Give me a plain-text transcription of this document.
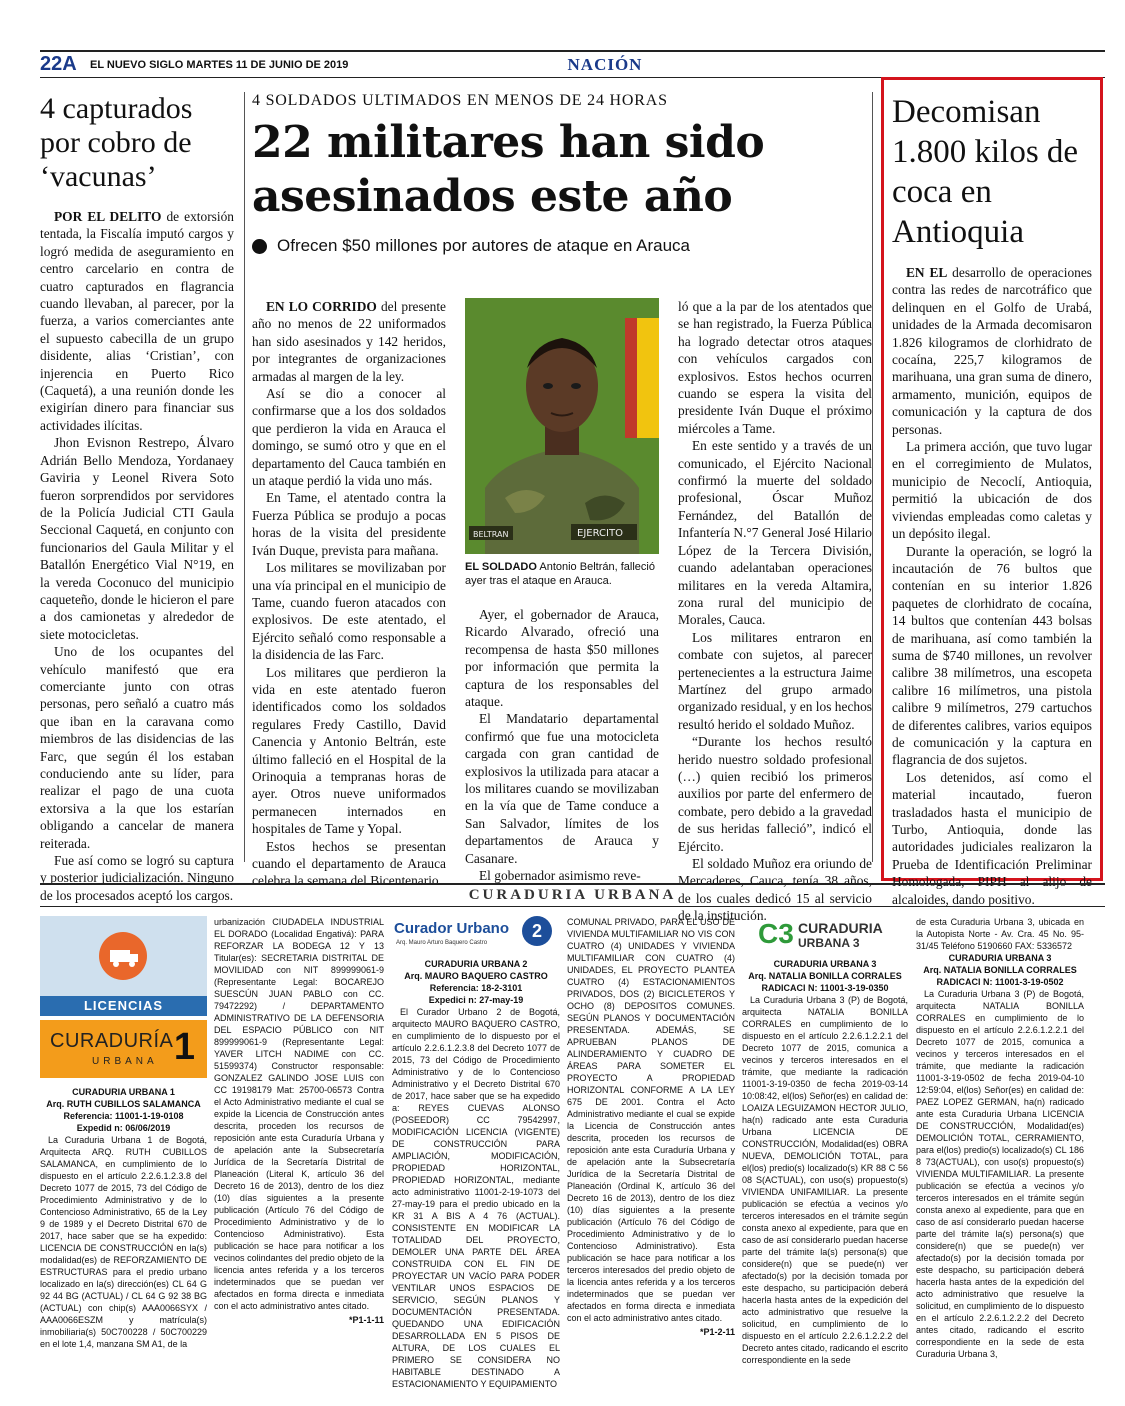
22A EL NUEVO SIGLO MARTES 11 DE JUNIO DE 2019	NACIÓN
4 capturados por cobro de ‘vacunas’

POR EL DELITO de extorsión tentada, la Fiscalía imputó cargos y logró medida de aseguramiento en centro carcelario en contra de cuatro capturados en flagrancia cuando llevaban, al parecer, por la fuerza, a varios comerciantes ante el supuesto cabecilla de un grupo disidente, alias ‘Cristian’, con injerencia en Puerto Rico (Caquetá), a una reunión donde les exigirían dinero para financiar sus actividades ilícitas.

Jhon Evisnon Restrepo, Álvaro Adrián Bello Mendoza, Yordanaey Gaviria y Leonel Rivera Soto fueron sorprendidos por servidores de la Policía Judicial CTI Gaula Seccional Caquetá, en conjunto con funcionarios del Gaula Militar y el Batallón Energético Vial N°19, en la vereda Coconuco del municipio caqueteño, donde le hicieron el pare a dos camionetas y alrededor de siete motocicletas.

Uno de los ocupantes del vehículo manifestó que era comerciante junto con otras personas, pero señaló a cuatro más que iban en la caravana como miembros de las disidencias de las Farc, que según él los estaban conduciendo ante su líder, para realizar el pago de una cuota extorsiva a la que los estarían obligando a cancelar de manera reiterada.

Fue así como se logró su captura y posterior judicialización. Ninguno de los procesados aceptó los cargos.

4 SOLDADOS ULTIMADOS EN MENOS DE 24 HORAS
22 militares han sido asesinados este año
Ofrecen $50 millones por autores de ataque en Arauca

EN LO CORRIDO del presente año no menos de 22 uniformados han sido asesinados y 142 heridos, por integrantes de organizaciones armadas al margen de la ley.

Así se dio a conocer al confirmarse que a los dos soldados que perdieron la vida en Arauca el domingo, se sumó otro y que en el departamento del Cauca también en un ataque perdió la vida uno más.

En Tame, el atentado contra la Fuerza Pública se produjo a pocas horas de la visita del presidente Iván Duque, prevista para mañana.

Los militares se movilizaban por una vía principal en el municipio de Tame, cuando fueron atacados con explosivos. De este atentado, el Ejército señaló como responsable a la disidencia de las Farc.

Los militares que perdieron la vida en este atentado fueron identificados como los soldados regulares Fredy Castillo, David Canencia y Antonio Beltrán, este último falleció en el Hospital de la Orinoquia a tempranas horas de ayer. Otros nueve uniformados permanecen internados en hospitales de Tame y Yopal.

Estos hechos se presentan cuando el departamento de Arauca celebra la semana del Bicentenario.

BELTRAN	EJERCITO
EL SOLDADO Antonio Beltrán, falleció ayer tras el ataque en Arauca.

Ayer, el gobernador de Arauca, Ricardo Alvarado, ofreció una recompensa de hasta $50 millones por información que permita la captura de los responsables del ataque.

El Mandatario departamental confirmó que fue una motocicleta cargada con gran cantidad de explosivos la utilizada para atacar a los militares cuando se movilizaban en la vía que de Tame conduce a San Salvador, límites de los departamentos de Arauca y Casanare.

El gobernador asimismo reve-

ló que a la par de los atentados que se han registrado, la Fuerza Pública ha logrado detectar otros ataques con vehículos cargados con explosivos. Estos hechos ocurren cuando se espera la visita del presidente Iván Duque el próximo miércoles a Tame.

En este sentido y a través de un comunicado, el Ejército Nacional confirmó la muerte del soldado profesional, Óscar Muñoz Fernández, del Batallón de Infantería N.°7 General José Hilario López de la Tercera División, cuando adelantaban operaciones militares en la vereda Altamira, zona rural del municipio de Morales, Cauca.

Los militares entraron en combate con sujetos, al parecer pertenecientes a la estructura Jaime Martínez del grupo armado organizado residual, y en los hechos resultó herido el soldado Muñoz.

“Durante los hechos resultó herido nuestro soldado profesional (…) quien recibió los primeros auxilios por parte del enfermero de combate, pero debido a la gravedad de sus heridas falleció”, indicó el Ejército.

El soldado Muñoz era oriundo de Mercaderes, Cauca, tenía 38 años, de los cuales dedicó 15 al servicio de la institución.

Decomisan 1.800 kilos de coca en Antioquia

EN EL desarrollo de operaciones contra las redes de narcotráfico que delinquen en el Golfo de Urabá, unidades de la Armada decomisaron 1.826 kilogramos de clorhidrato de cocaína, 225,7 kilogramos de marihuana, una gran suma de dinero, armamento, munición, equipos de comunicación y la captura de dos personas.

La primera acción, que tuvo lugar en el corregimiento de Mulatos, municipio de Necoclí, Antioquia, permitió la ubicación de dos viviendas empleadas como caletas y un depósito ilegal.

Durante la operación, se logró la incautación de 76 bultos que contenían en su interior 1.826 paquetes de clorhidrato de cocaína, 14 bultos que contenían 443 bolsas de marihuana, así como también la suma de $740 millones, un revolver calibre 38 milímetros, una escopeta calibre 16 milímetros, una pistola calibre 9 milímetros, 279 cartuchos de diferentes calibres, varios equipos de comunicación y la captura en flagrancia de dos sujetos.

Los detenidos, así como el material incautado, fueron trasladados hasta el municipio de Turbo, Antioquia, donde las autoridades judiciales realizaron la Prueba de Identificación Preliminar Homologada, PIPH al alijo de alcaloides, dando positivo.

CURADURIA URBANA
LICENCIAS
CURADURÍA
URBANA 1
CURADURIA URBANA 1
Arq. RUTH CUBILLOS SALAMANCA
Referencia: 11001-1-19-0108
Expedid n: 06/06/2019

La Curaduria Urbana 1 de Bogotá, Arquitecta ARQ. RUTH CUBILLOS SALAMANCA, en cumplimiento de lo dispuesto en el artículo 2.2.6.1.2.3.8 del Decreto 1077 de 2015, 73 del Código de Procedimiento Administrativo y de lo Contencioso Administrativo, 65 de la Ley 9 de 1989 y el Decreto Distrital 670 de 2017, hace saber que se ha expedido: LICENCIA DE CONSTRUCCIÓN en la(s) modalidad(es) de REFORZAMIENTO DE ESTRUCTURAS para el predio urbano localizado en la(s) dirección(es) CL 64 G 92 44 BG (ACTUAL) / CL 64 G 92 38 BG (ACTUAL) con chip(s) AAA0066SYX / AAA0066ESZM y matrícula(s) inmobiliaria(s) 50C700228 / 50C700229 en el lote 1,4, manzana SM A1, de la

urbanización CIUDADELA INDUSTRIAL EL DORADO (Localidad Engativá): PARA REFORZAR LA BODEGA 12 Y 13 Titular(es): SECRETARIA DISTRITAL DE MOVILIDAD con NIT 899999061-9 (Representante Legal: BOCAREJO SUESCÚN JUAN PABLO con CC. 79472292) / DEPARTAMENTO ADMINISTRATIVO DE LA DEFENSORIA DEL ESPACIO PÚBLICO con NIT 899999061-9 (Representante Legal: YAVER LITCH NADIME con CC. 51599374) Constructor responsable: GONZALEZ GALINDO JOSE LUIS con CC 19198179 Mat: 25700-06573 Contra el Acto Administrativo mediante el cual se expide la Licencia de Construcción antes descrita, proceden los recursos de reposición ante esta Curaduría Urbana y de apelación ante la Subsecretaría Jurídica de la Secretaría Distrital de Planeación (Literal K, artículo 36 del Decreto 16 de 2013), dentro de los diez (10) días siguientes a la presente publicación (Artículo 76 del Código de Procedimiento Administrativo y de lo Contencioso Administrativo). Esta publicación se hace para notificar a los vecinos colindantes del predio objeto de la licencia antes referida y a los terceros indeterminados que se puedan ver afectados en forma directa e inmediata con el acto administrativo antes citado.

*P1-1-11
Curador Urbano
Arq. Mauro Arturo Baquero Castro
2
CURADURIA URBANA 2
Arq. MAURO BAQUERO CASTRO
Referencia: 18-2-3101
Expedici n: 27-may-19

El Curador Urbano 2 de Bogotá, arquitecto MAURO BAQUERO CASTRO, en cumplimiento de lo dispuesto por el artículo 2.2.6.1.2.3.8 del Decreto 1077 de 2015, 73 del Código de Procedimiento Administrativo y de lo Contencioso Administrativo y el Decreto Distrital 670 de 2017, hace saber que se ha expedido a: REYES CUEVAS ALONSO (POSEEDOR) CC 79542997, MODIFICACIÓN LICENCIA (VIGENTE) DE CONSTRUCCIÓN PARA AMPLIACIÓN, MODIFICACIÓN, PROPIEDAD HORIZONTAL, PROPIEDAD HORIZONTAL, mediante acto administrativo 11001-2-19-1073 del 27-may-19 para el predio ubicado en la KR 31 A BIS A 4 76 (ACTUAL). CONSISTENTE EN MODIFICAR LA TOTALIDAD DEL PROYECTO, DEMOLER UNA PARTE DEL ÁREA CONSTRUIDA CON EL FIN DE PROYECTAR UN VACÍO PARA PODER VENTILAR UNOS ESPACIOS DE SERVICIO, SEGÚN PLANOS Y DOCUMENTACIÓN PRESENTADA. QUEDANDO UNA EDIFICACIÓN DESARROLLADA EN 5 PISOS DE ALTURA, DE LOS CUALES EL PRIMERO SE CONSIDERA NO HABITABLE DESTINADO A ESTACIONAMIENTO Y EQUIPAMIENTO

COMUNAL PRIVADO, PARA EL USO DE VIVIENDA MULTIFAMILIAR NO VIS CON CUATRO (4) UNIDADES Y VIVIENDA MULTIFAMILIAR CON CUATRO (4) UNIDADES, EL PROYECTO PLANTEA CUATRO (4) ESTACIONAMIENTOS PRIVADOS, DOS (2) BICICLETEROS Y OCHO (8) DEPOSITOS COMUNES. SEGÚN PLANOS Y DOCUMENTACIÓN PRESENTADA. ADEMÁS, SE APRUEBAN PLANOS DE ALINDERAMIENTO Y CUADRO DE ÁREAS PARA SOMETER EL PROYECTO A PROPIEDAD HORIZONTAL CONFORME A LA LEY 675 DE 2001. Contra el Acto Administrativo mediante el cual se expide la Licencia de Construcción antes descrita, proceden los recursos de reposición ante esta Curaduría Urbana y de apelación ante la Subsecretaría Jurídica de la Secretaría Distrital de Planeación (Ordinal K, artículo 36 del Decreto 16 de 2013), dentro de los diez (10) días siguientes a la presente publicación (Artículo 76 del Código de Procedimiento Administrativo y de lo Contencioso Administrativo). Esta publicación se hace para notificar a los terceros interesados del predio objeto de la licencia antes referida y a los terceros indeterminados que se puedan ver afectados en forma directa e inmediata con el acto administrativo antes citado.

*P1-2-11
C3 CURADURIA
URBANA 3
CURADURIA URBANA 3
Arq. NATALIA BONILLA CORRALES
RADICACI N: 11001-3-19-0350

La Curaduria Urbana 3 (P) de Bogotá, arquitecta NATALIA BONILLA CORRALES en cumplimiento de lo dispuesto en el artículo 2.2.6.1.2.2.1 del Decreto 1077 de 2015, comunica a vecinos y terceros interesados en el trámite, que mediante la radicación 11001-3-19-0350 de fecha 2019-03-14 10:08:42, el(los) Señor(es) en calidad de: LOAIZA LEGUIZAMON HECTOR JULIO, ha(n) radicado ante esta Curaduria Urbana LICENCIA DE CONSTRUCCIÓN, Modalidad(es) OBRA NUEVA, DEMOLICIÓN TOTAL, para el(los) predio(s) localizado(s) KR 88 C 56 08 S(ACTUAL), con uso(s) propuesto(s) VIVIENDA UNIFAMILIAR. La presente publicación se efectúa a vecinos y/o terceros interesados en el trámite según consta anexo al expediente, para que en caso de así considerarlo puedan hacerse parte del trámite la(s) persona(s) que considere(n) que se puede(n) ver afectado(s) por la decisión tomada por este despacho, su participación deberá hacerla hasta antes de la expedición del acto administrativo que resuelve la solicitud, en cumplimiento de lo dispuesto en el artículo 2.2.6.1.2.2.2 del Decreto antes citado, radicando el escrito correspondiente en la sede

de esta Curaduria Urbana 3, ubicada en la Autopista Norte - Av. Cra. 45 No. 95-31/45 Teléfono 5190660 FAX: 5336572

CURADURIA URBANA 3
Arq. NATALIA BONILLA CORRALES
RADICACI N: 11001-3-19-0502

La Curaduria Urbana 3 (P) de Bogotá, arquitecta NATALIA BONILLA CORRALES en cumplimiento de lo dispuesto en el artículo 2.2.6.1.2.2.1 del Decreto 1077 de 2015, comunica a vecinos y terceros interesados en el trámite, que mediante la radicación 11001-3-19-0502 de fecha 2019-04-10 12:59:04, el(los) Señor(es) en calidad de: PAEZ LOPEZ GERMAN, ha(n) radicado ante esta Curaduria Urbana LICENCIA DE CONSTRUCCIÓN, Modalidad(es) DEMOLICIÓN TOTAL, CERRAMIENTO, para el(los) predio(s) localizado(s) CL 186 8 73(ACTUAL), con uso(s) propuesto(s) VIVIENDA MULTIFAMILIAR. La presente publicación se efectúa a vecinos y/o terceros interesados en el trámite según consta anexo al expediente, para que en caso de así considerarlo puedan hacerse parte del trámite la(s) persona(s) que considere(n) que se puede(n) ver afectado(s) por la decisión tomada por este despacho, su participación deberá hacerla hasta antes de la expedición del acto administrativo que resuelve la solicitud, en cumplimiento de lo dispuesto en el artículo 2.2.6.1.2.2.2 del Decreto antes citado, radicando el escrito correspondiente en la sede de esta Curaduria Urbana 3,
